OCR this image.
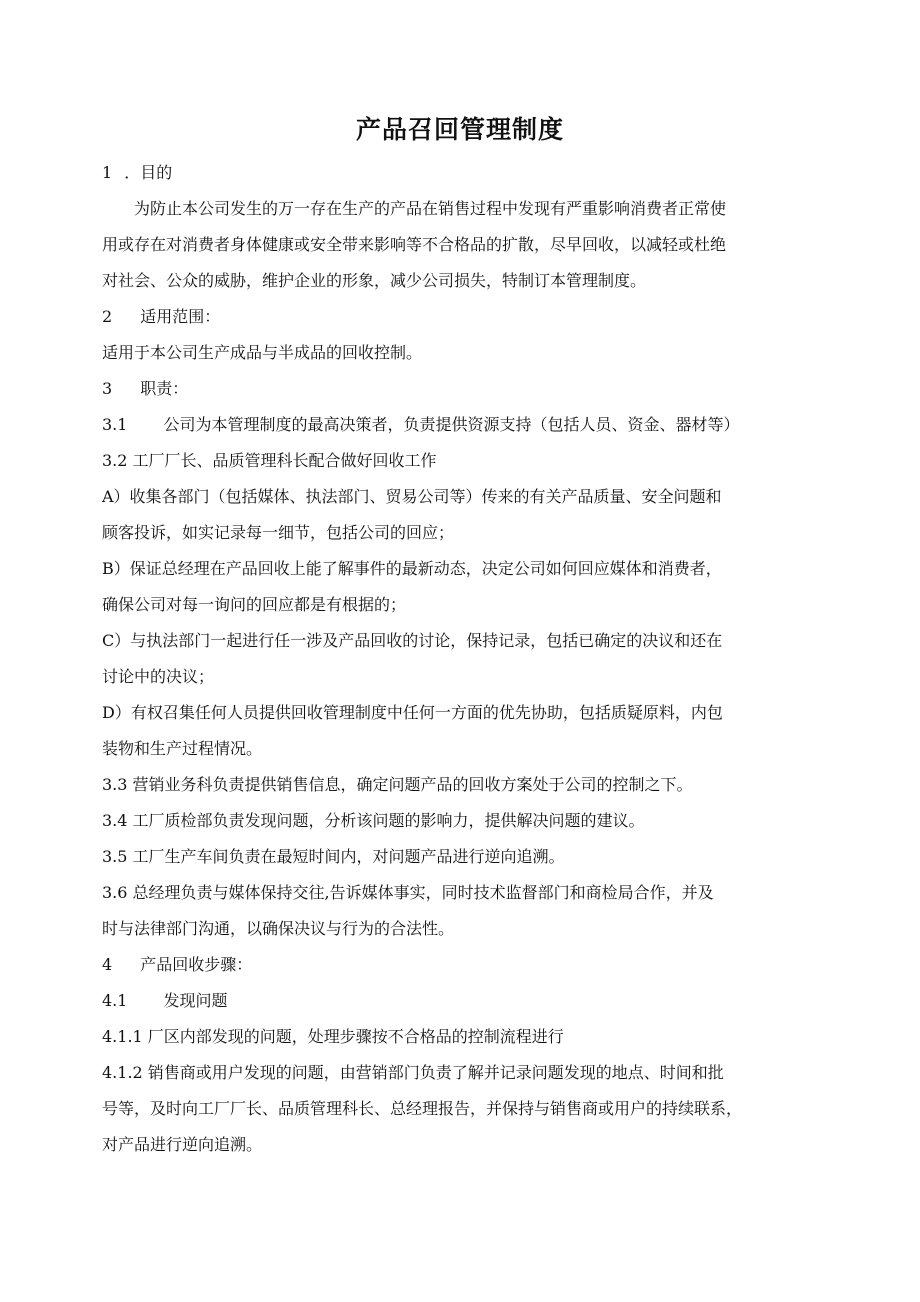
产品召回管理制度
1 ．目的
为防止本公司发生的万一存在生产的产品在销售过程中发现有严重影响消费者正常使
用或存在对消费者身体健康或安全带来影响等不合格品的扩散，尽早回收，以减轻或杜绝
对社会、公众的威胁，维护企业的形象，减少公司损失，特制订本管理制度。
2 适用范围：
适用于本公司生产成品与半成品的回收控制。
3 职责：
3.1 公司为本管理制度的最高决策者，负责提供资源支持（包括人员、资金、器材等）
3.2 工厂厂长、品质管理科长配合做好回收工作
A）收集各部门（包括媒体、执法部门、贸易公司等）传来的有关产品质量、安全问题和
顾客投诉，如实记录每一细节，包括公司的回应；
B）保证总经理在产品回收上能了解事件的最新动态，决定公司如何回应媒体和消费者，
确保公司对每一询问的回应都是有根据的；
C）与执法部门一起进行任一涉及产品回收的讨论，保持记录，包括已确定的决议和还在
讨论中的决议；
D）有权召集任何人员提供回收管理制度中任何一方面的优先协助，包括质疑原料，内包
装物和生产过程情况。
3.3 营销业务科负责提供销售信息，确定问题产品的回收方案处于公司的控制之下。
3.4 工厂质检部负责发现问题，分析该问题的影响力，提供解决问题的建议。
3.5 工厂生产车间负责在最短时间内，对问题产品进行逆向追溯。
3.6 总经理负责与媒体保持交往,告诉媒体事实，同时技术监督部门和商检局合作，并及
时与法律部门沟通，以确保决议与行为的合法性。
4 产品回收步骤：
4.1 发现问题
4.1.1 厂区内部发现的问题，处理步骤按不合格品的控制流程进行
4.1.2 销售商或用户发现的问题，由营销部门负责了解并记录问题发现的地点、时间和批
号等，及时向工厂厂长、品质管理科长、总经理报告，并保持与销售商或用户的持续联系，
对产品进行逆向追溯。
